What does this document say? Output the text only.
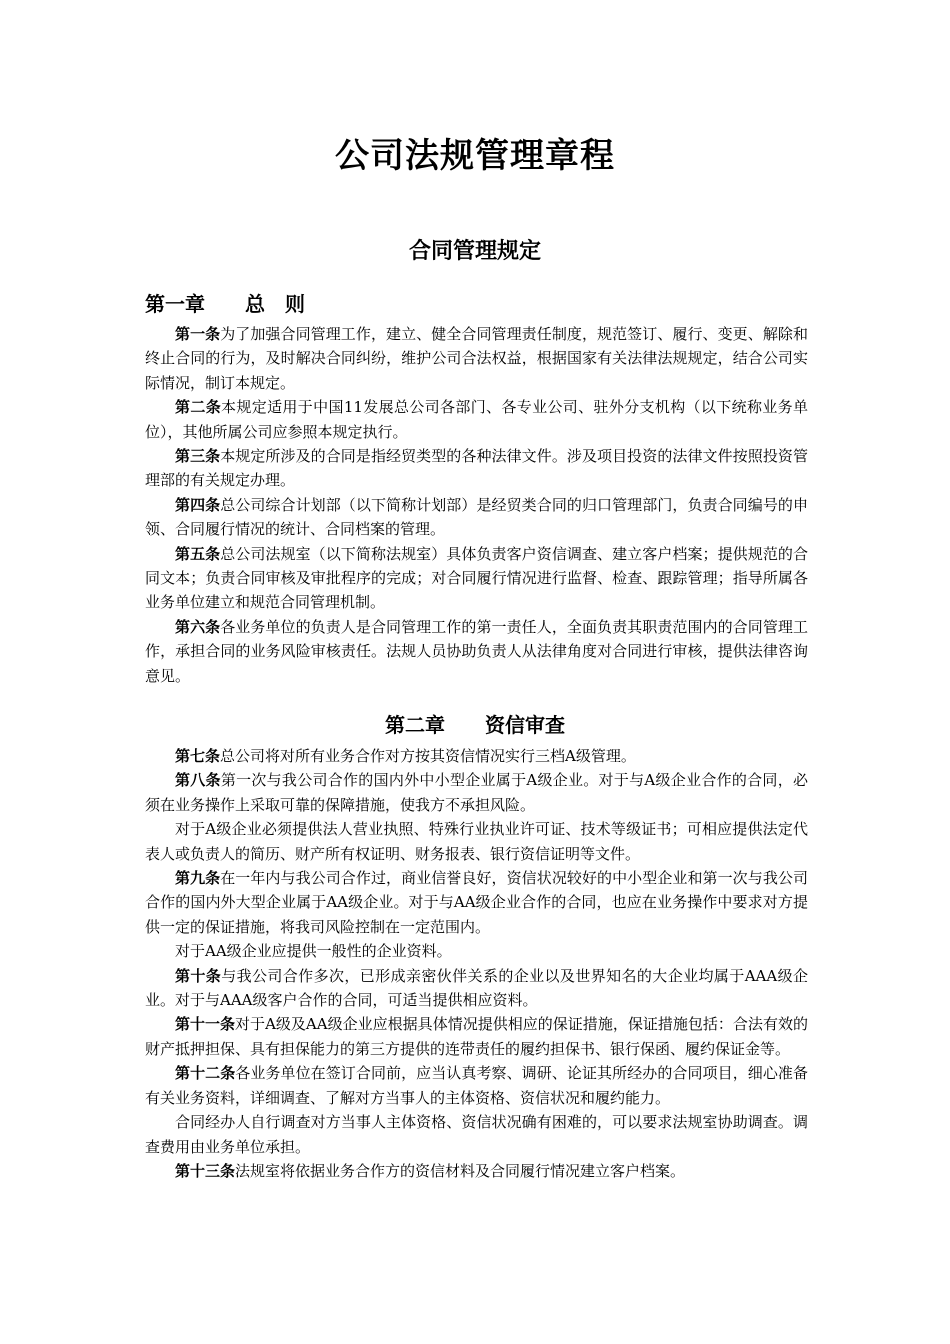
公司法规管理章程
合同管理规定
第一章 总　则

第一条为了加强合同管理工作，建立、健全合同管理责任制度，规范签订、履行、变更、解除和终止合同的行为，及时解决合同纠纷，维护公司合法权益，根据国家有关法律法规规定，结合公司实际情况，制订本规定。

第二条本规定适用于中国11发展总公司各部门、各专业公司、驻外分支机构（以下统称业务单位），其他所属公司应参照本规定执行。

第三条本规定所涉及的合同是指经贸类型的各种法律文件。涉及项目投资的法律文件按照投资管理部的有关规定办理。

第四条总公司综合计划部（以下简称计划部）是经贸类合同的归口管理部门，负责合同编号的申领、合同履行情况的统计、合同档案的管理。

第五条总公司法规室（以下简称法规室）具体负责客户资信调查、建立客户档案；提供规范的合同文本；负责合同审核及审批程序的完成；对合同履行情况进行监督、检查、跟踪管理；指导所属各业务单位建立和规范合同管理机制。

第六条各业务单位的负责人是合同管理工作的第一责任人，全面负责其职责范围内的合同管理工作，承担合同的业务风险审核责任。法规人员协助负责人从法律角度对合同进行审核，提供法律咨询意见。

第二章 资信审查

第七条总公司将对所有业务合作对方按其资信情况实行三档A级管理。

第八条第一次与我公司合作的国内外中小型企业属于A级企业。对于与A级企业合作的合同，必须在业务操作上采取可靠的保障措施，使我方不承担风险。

对于A级企业必须提供法人营业执照、特殊行业执业许可证、技术等级证书；可相应提供法定代表人或负责人的简历、财产所有权证明、财务报表、银行资信证明等文件。

第九条在一年内与我公司合作过，商业信誉良好，资信状况较好的中小型企业和第一次与我公司合作的国内外大型企业属于AA级企业。对于与AA级企业合作的合同，也应在业务操作中要求对方提供一定的保证措施，将我司风险控制在一定范围内。

对于AA级企业应提供一般性的企业资料。

第十条与我公司合作多次，已形成亲密伙伴关系的企业以及世界知名的大企业均属于AAA级企业。对于与AAA级客户合作的合同，可适当提供相应资料。

第十一条对于A级及AA级企业应根据具体情况提供相应的保证措施，保证措施包括：合法有效的财产抵押担保、具有担保能力的第三方提供的连带责任的履约担保书、银行保函、履约保证金等。

第十二条各业务单位在签订合同前，应当认真考察、调研、论证其所经办的合同项目，细心准备有关业务资料，详细调查、了解对方当事人的主体资格、资信状况和履约能力。

合同经办人自行调查对方当事人主体资格、资信状况确有困难的，可以要求法规室协助调查。调查费用由业务单位承担。

第十三条法规室将依据业务合作方的资信材料及合同履行情况建立客户档案。
